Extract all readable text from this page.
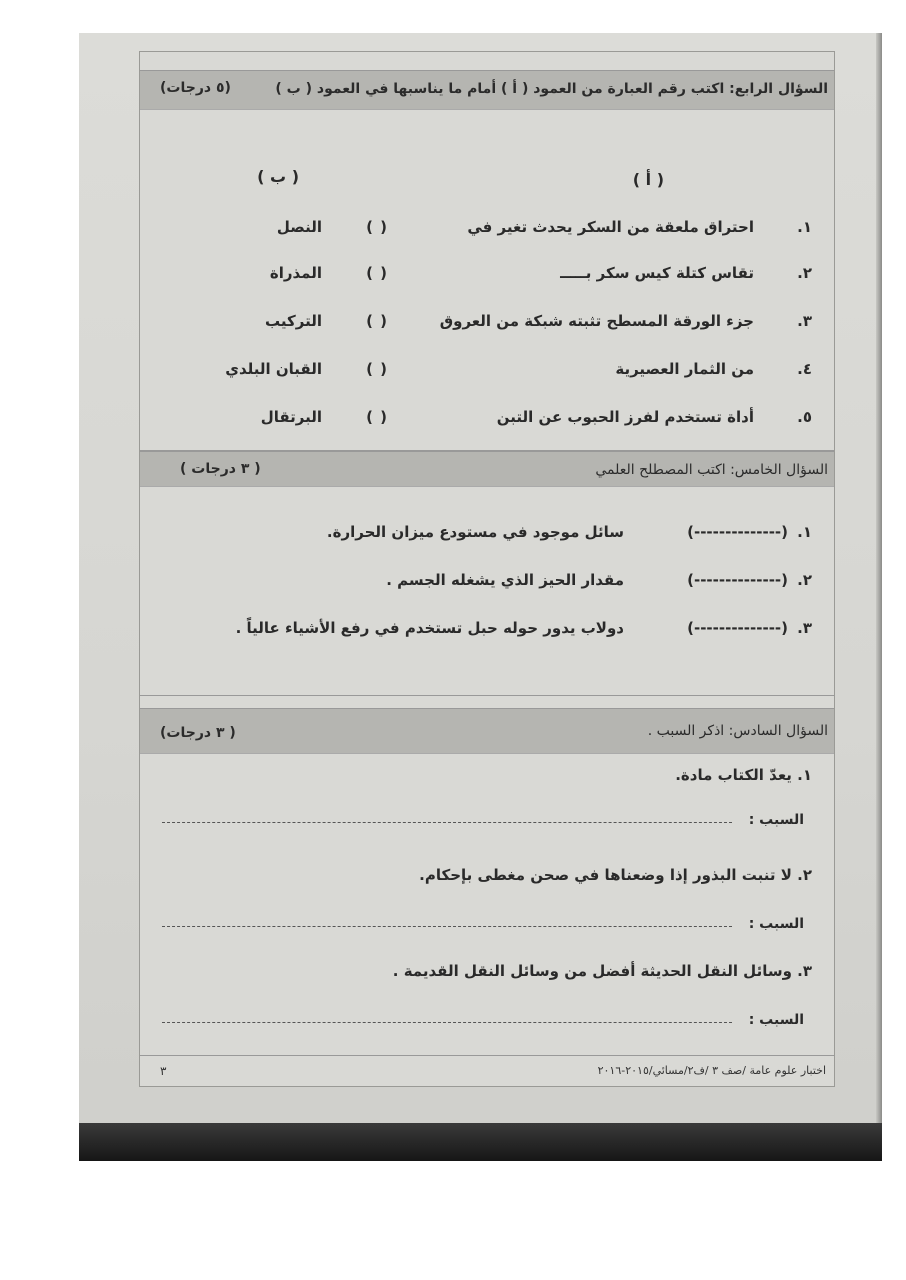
السؤال الرابع: اكتب رقم العبارة من العمود ( أ ) أمام ما يناسبها في العمود ( ب )
(٥ درجات)
( أ )
( ب )
١.
احتراق ملعقة من السكر يحدث تغير في
( )
النصل
٢.
تقاس كتلة كيس سكر بـــــ
( )
المذراة
٣.
جزء الورقة المسطح تثبته شبكة من العروق
( )
التركيب
٤.
من الثمار العصيرية
( )
القبان البلدي
٥.
أداة تستخدم لفرز الحبوب عن التبن
( )
البرتقال
السؤال الخامس: اكتب المصطلح العلمي
( ٣ درجات )
١.
(--------------)
سائل موجود في مستودع ميزان الحرارة.
٢.
(--------------)
مقدار الحيز الذي يشغله الجسم .
٣.
(--------------)
دولاب يدور حوله حبل تستخدم في رفع الأشياء عالياً .
السؤال السادس: اذكر السبب .
( ٣ درجات)
١. يعدّ الكتاب مادة.
السبب :
٢. لا تنبت البذور إذا وضعناها في صحن مغطى بإحكام.
السبب :
٣. وسائل النقل الحديثة أفضل من وسائل النقل القديمة .
السبب :
اختبار علوم عامة /صف ٣ /ف٢/مسائي/٢٠١٥-٢٠١٦
٣
